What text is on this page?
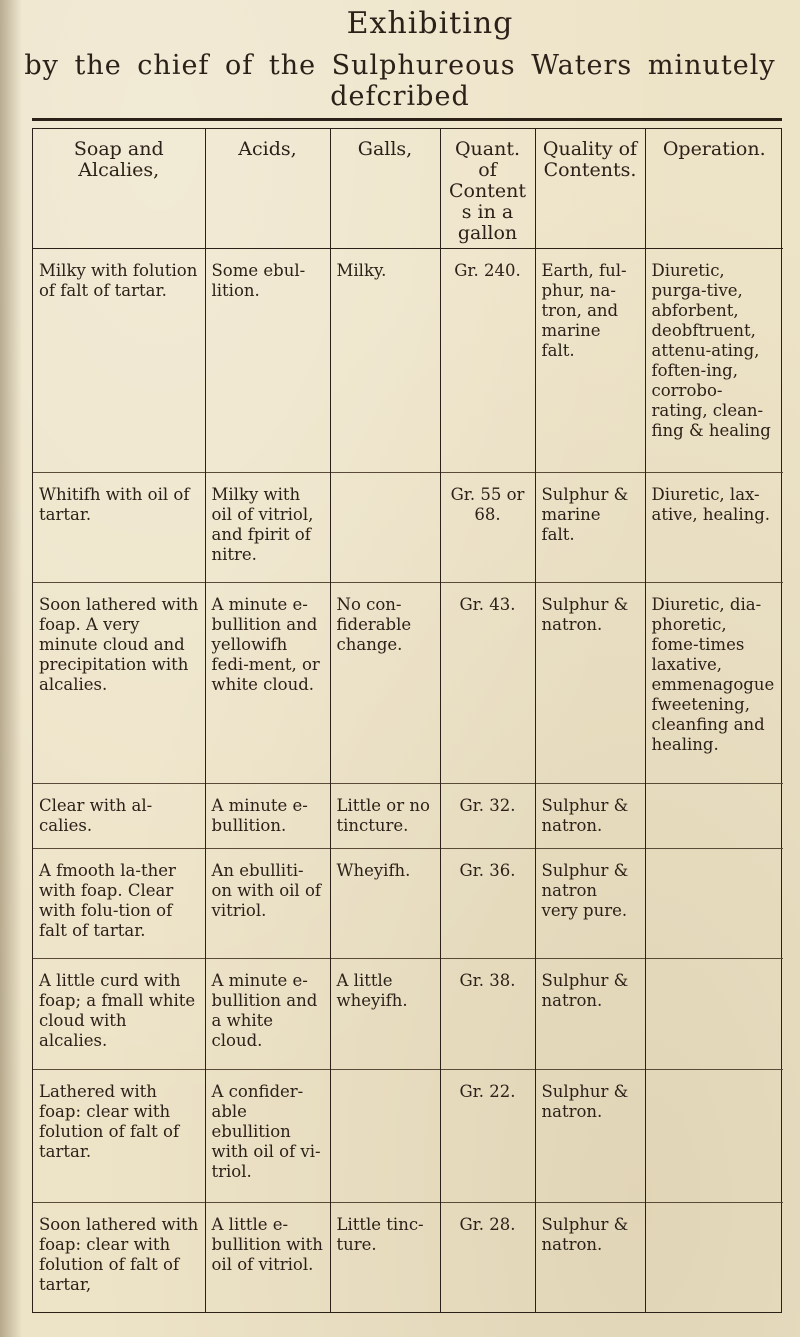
Exhibiting
by the chief of the Sulphureous Waters minutely defcribed
Soap and Alcalies,	Acids,	Galls,	Quant. of Contents in a gallon	Quality of Contents.	Operation.
Milky with folution of falt of tartar.	Some ebul-lition.	Milky.	Gr. 240.	Earth, ful-phur, na-tron, and marine falt.	Diuretic, purga-tive, abforbent, deobftruent, attenu-ating, foften-ing, corrobo-rating, clean-fing & healing
Whitifh with oil of tartar.	Milky with oil of vitriol, and fpirit of nitre.		Gr. 55 or 68.	Sulphur & marine falt.	Diuretic, lax-ative, healing.
Soon lathered with foap. A very minute cloud and precipitation with alcalies.	A minute e-bullition and yellowifh fedi-ment, or white cloud.	No con-fiderable change.	Gr. 43.	Sulphur & natron.	Diuretic, dia-phoretic, fome-times laxative, emmenagogue fweetening, cleanfing and healing.
Clear with al-calies.	A minute e-bullition.	Little or no tincture.	Gr. 32.	Sulphur & natron.	
A fmooth la-ther with foap. Clear with folu-tion of falt of tartar.	An ebulliti-on with oil of vitriol.	Wheyifh.	Gr. 36.	Sulphur & natron very pure.	
A little curd with foap; a fmall white cloud with alcalies.	A minute e-bullition and a white cloud.	A little wheyifh.	Gr. 38.	Sulphur & natron.	
Lathered with foap: clear with folution of falt of tartar.	A confider-able ebullition with oil of vi-triol.		Gr. 22.	Sulphur & natron.	
Soon lathered with foap: clear with folution of falt of tartar,	A little e-bullition with oil of vitriol.	Little tinc-ture.	Gr. 28.	Sulphur & natron.	
